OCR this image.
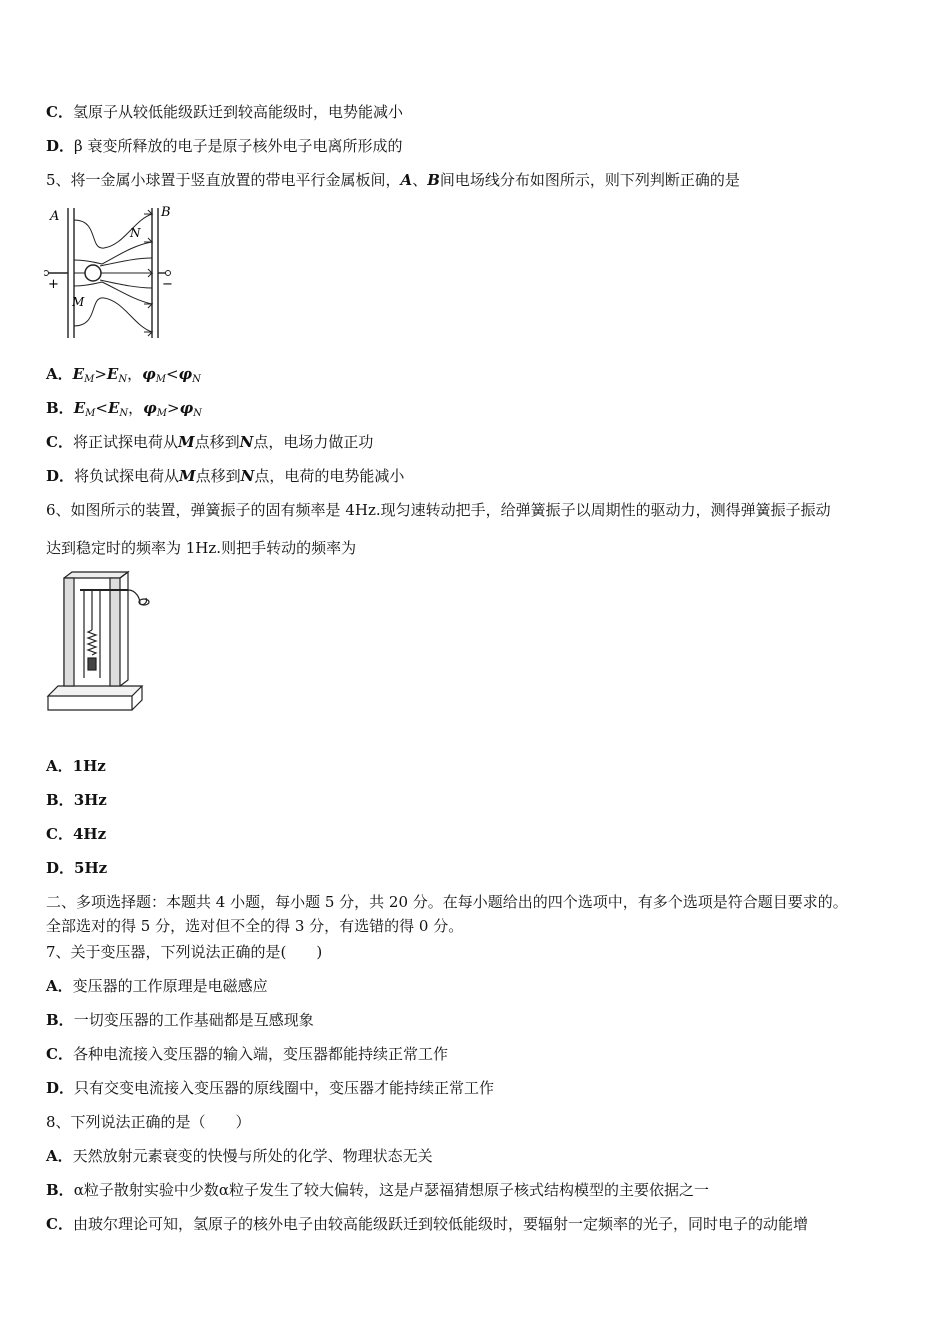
C．氢原子从较低能级跃迁到较高能级时，电势能减小
D．β 衰变所释放的电子是原子核外电子电离所形成的
5、将一金属小球置于竖直放置的带电平行金属板间，A、B间电场线分布如图所示，则下列判断正确的是
A	B
N
M
+	−
A．$E_M>E_N$，$\varphi_M<\varphi_N$
B．$E_M<E_N$，$\varphi_M>\varphi_N$
C．将正试探电荷从M点移到N点，电场力做正功
D．将负试探电荷从M点移到N点，电荷的电势能减小
6、如图所示的装置，弹簧振子的固有频率是 4Hz.现匀速转动把手，给弹簧振子以周期性的驱动力，测得弹簧振子振动
达到稳定时的频率为 1Hz.则把手转动的频率为
A．1Hz
B．3Hz
C．4Hz
D．5Hz
二、多项选择题：本题共 4 小题，每小题 5 分，共 20 分。在每小题给出的四个选项中，有多个选项是符合题目要求的。
全部选对的得 5 分，选对但不全的得 3 分，有选错的得 0 分。
7、关于变压器，下列说法正确的是(　　)
A．变压器的工作原理是电磁感应
B．一切变压器的工作基础都是互感现象
C．各种电流接入变压器的输入端，变压器都能持续正常工作
D．只有交变电流接入变压器的原线圈中，变压器才能持续正常工作
8、下列说法正确的是（　　）
A．天然放射元素衰变的快慢与所处的化学、物理状态无关
B．α粒子散射实验中少数α粒子发生了较大偏转，这是卢瑟福猜想原子核式结构模型的主要依据之一
C．由玻尔理论可知，氢原子的核外电子由较高能级跃迁到较低能级时，要辐射一定频率的光子，同时电子的动能增
